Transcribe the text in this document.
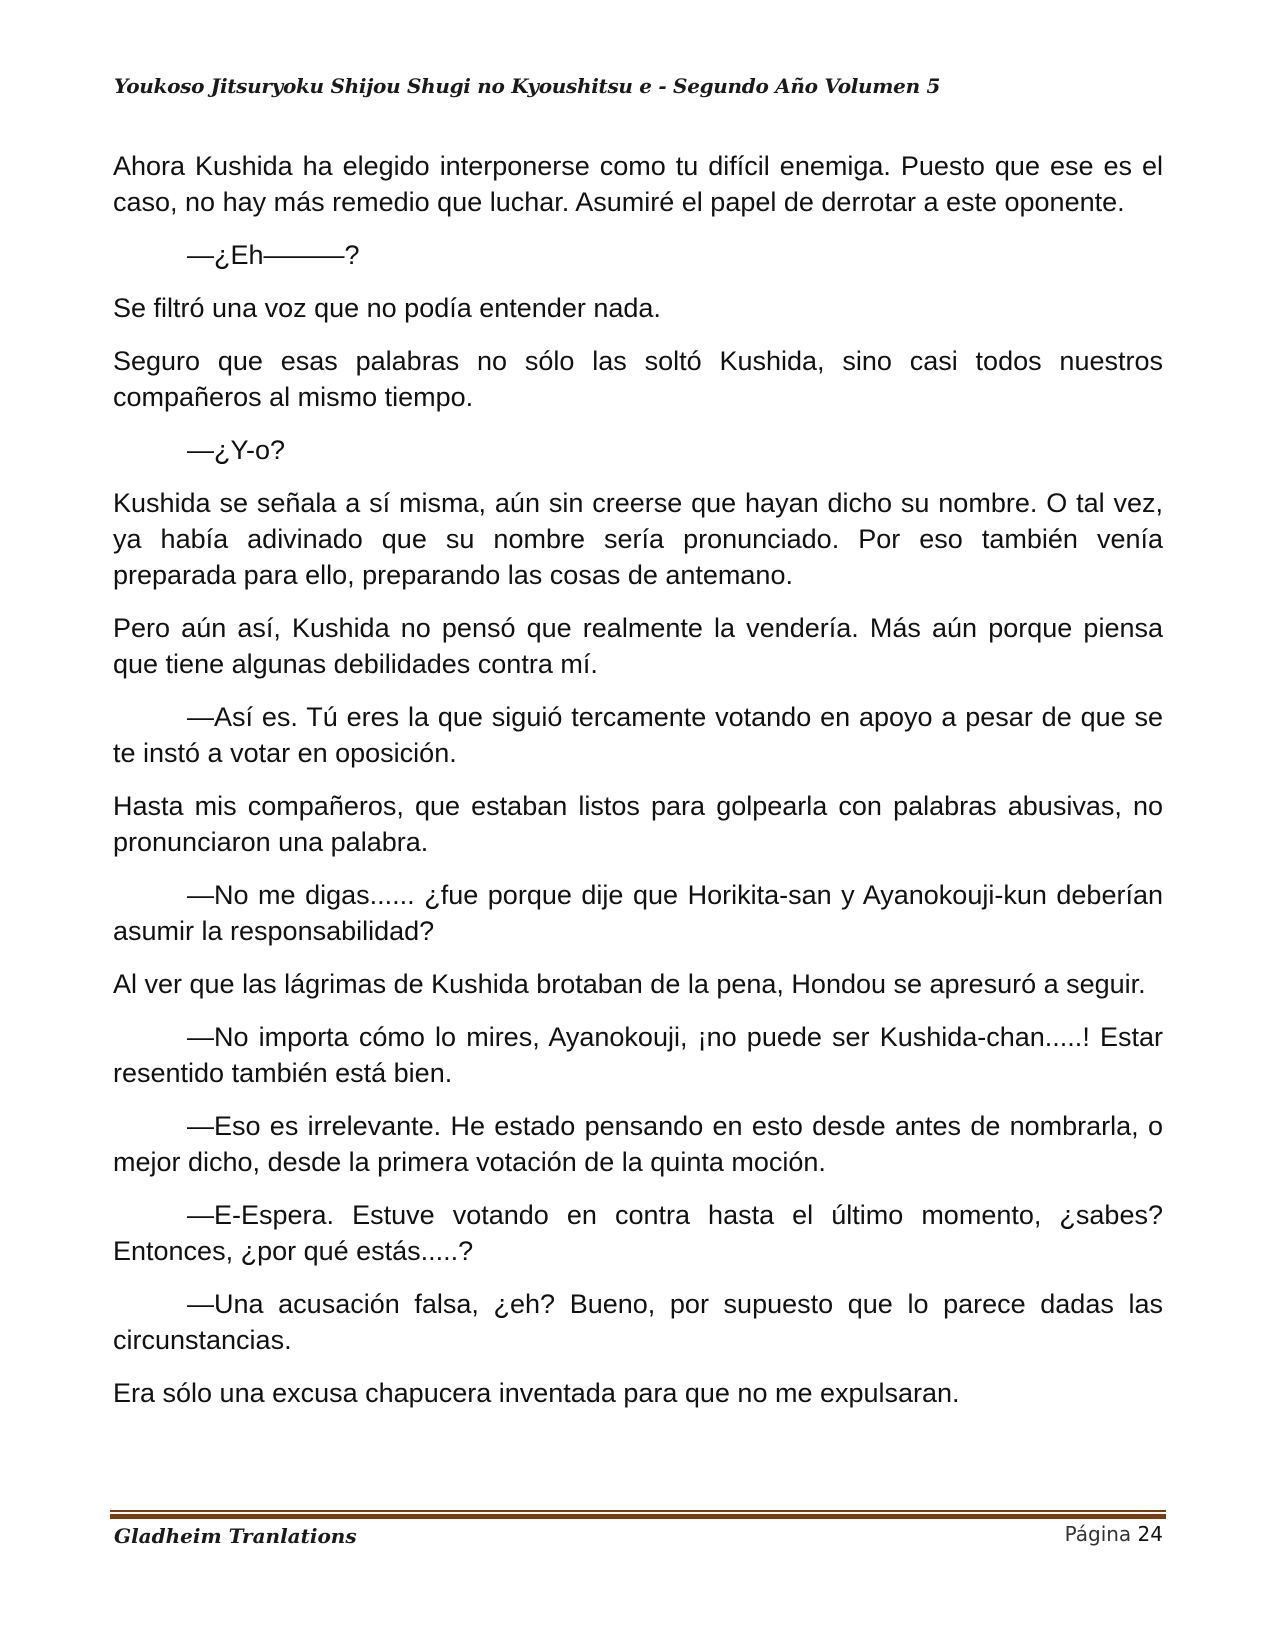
Youkoso Jitsuryoku Shijou Shugi no Kyoushitsu e - Segundo Año Volumen 5

Ahora Kushida ha elegido interponerse como tu difícil enemiga. Puesto que ese es el caso, no hay más remedio que luchar. Asumiré el papel de derrotar a este oponente.

—¿Eh———?

Se filtró una voz que no podía entender nada.

Seguro que esas palabras no sólo las soltó Kushida, sino casi todos nuestros compañeros al mismo tiempo.

—¿Y-o?

Kushida se señala a sí misma, aún sin creerse que hayan dicho su nombre. O tal vez, ya había adivinado que su nombre sería pronunciado. Por eso también venía preparada para ello, preparando las cosas de antemano.

Pero aún así, Kushida no pensó que realmente la vendería. Más aún porque piensa que tiene algunas debilidades contra mí.

—Así es. Tú eres la que siguió tercamente votando en apoyo a pesar de que se te instó a votar en oposición.

Hasta mis compañeros, que estaban listos para golpearla con palabras abusivas, no pronunciaron una palabra.

—No me digas...... ¿fue porque dije que Horikita-san y Ayanokouji-kun deberían asumir la responsabilidad?

Al ver que las lágrimas de Kushida brotaban de la pena, Hondou se apresuró a seguir.

—No importa cómo lo mires, Ayanokouji, ¡no puede ser Kushida-chan.....! Estar resentido también está bien.

—Eso es irrelevante. He estado pensando en esto desde antes de nombrarla, o mejor dicho, desde la primera votación de la quinta moción.

—E-Espera. Estuve votando en contra hasta el último momento, ¿sabes? Entonces, ¿por qué estás.....?

—Una acusación falsa, ¿eh? Bueno, por supuesto que lo parece dadas las circunstancias.

Era sólo una excusa chapucera inventada para que no me expulsaran.

Gladheim Tranlations	Página 24
